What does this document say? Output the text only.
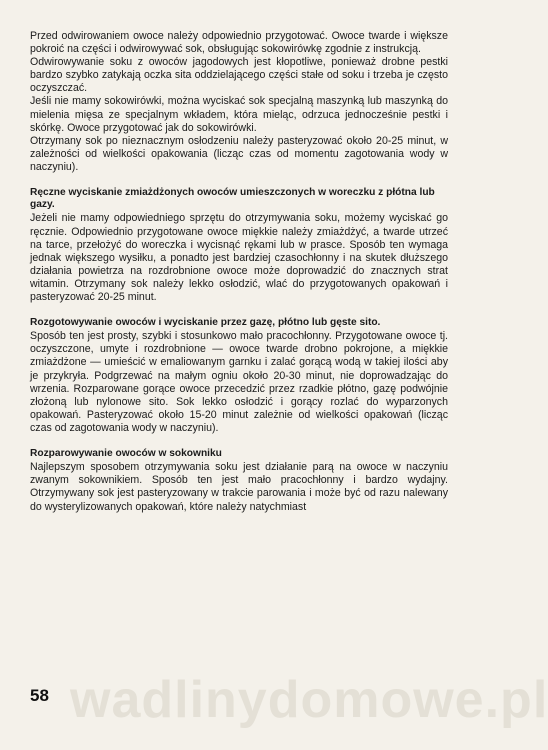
wadlinydomowe.pl

Przed odwirowaniem owoce należy odpowiednio przygotować. Owoce twarde i większe pokroić na części i odwirowywać sok, obsługując sokowirówkę zgodnie z instrukcją.

Odwirowywanie soku z owoców jagodowych jest kłopotliwe, ponieważ drobne pestki bardzo szybko zatykają oczka sita oddzielającego części stałe od soku i trzeba je często oczyszczać.

Jeśli nie mamy sokowirówki, można wyciskać sok specjalną maszynką lub maszynką do mielenia mięsa ze specjalnym wkładem, która mieląc, odrzuca jednocześnie pestki i skórkę. Owoce przygotować jak do sokowirówki.

Otrzymany sok po nieznacznym osłodzeniu należy pasteryzować około 20-25 minut, w zależności od wielkości opakowania (licząc czas od momentu zagotowania wody w naczyniu).

Ręczne wyciskanie zmiażdżonych owoców umieszczonych w woreczku z płótna lub gazy.

Jeżeli nie mamy odpowiedniego sprzętu do otrzymywania soku, możemy wyciskać go ręcznie. Odpowiednio przygotowane owoce miękkie należy zmiażdżyć, a twarde utrzeć na tarce, przełożyć do woreczka i wycisnąć rękami lub w prasce. Sposób ten wymaga jednak większego wysiłku, a ponadto jest bardziej czasochłonny i na skutek dłuższego działania powietrza na rozdrobnione owoce może doprowadzić do znacznych strat witamin. Otrzymany sok należy lekko osłodzić, wlać do przygotowanych opakowań i pasteryzować 20-25 minut.

Rozgotowywanie owoców i wyciskanie przez gazę, płótno lub gęste sito.

Sposób ten jest prosty, szybki i stosunkowo mało pracochłonny. Przygotowane owoce tj. oczyszczone, umyte i rozdrobnione — owoce twarde drobno pokrojone, a miękkie zmiażdżone — umieścić w emaliowanym garnku i zalać gorącą wodą w takiej ilości aby je przykryła. Podgrzewać na małym ogniu około 20-30 minut, nie doprowadzając do wrzenia. Rozparowane gorące owoce przecedzić przez rzadkie płótno, gazę podwójnie złożoną lub nylonowe sito. Sok lekko osłodzić i gorący rozlać do wyparzonych opakowań. Pasteryzować około 15-20 minut zależnie od wielkości opakowań (licząc czas od zagotowania wody w naczyniu).

Rozparowywanie owoców w sokowniku

Najlepszym sposobem otrzymywania soku jest działanie parą na owoce w naczyniu zwanym sokownikiem. Sposób ten jest mało pracochłonny i bardzo wydajny. Otrzymywany sok jest pasteryzowany w trakcie parowania i może być od razu nalewany do wysterylizowanych opakowań, które należy natychmiast

58
